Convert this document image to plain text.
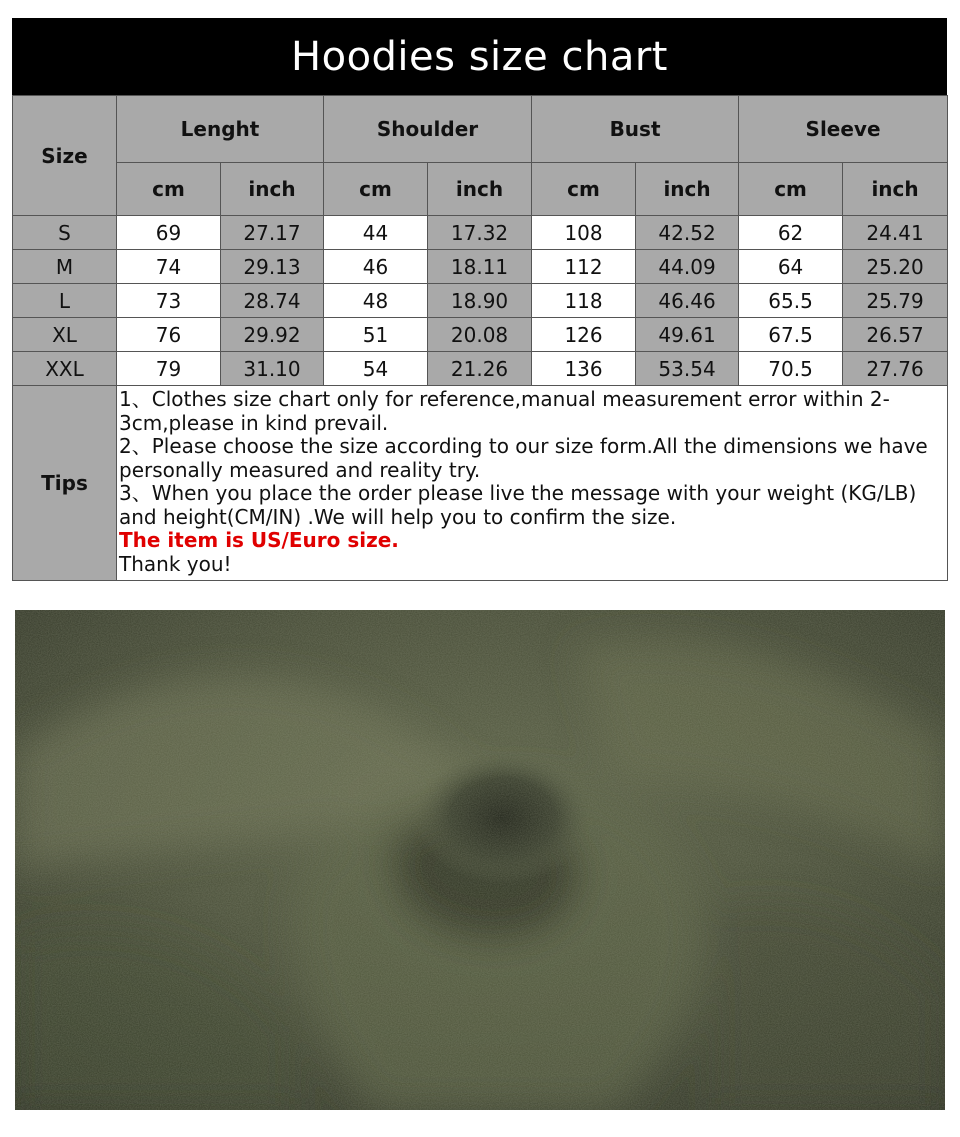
Hoodies size chart
Size	Lenght		Shoulder		Bust		Sleeve	
	cm	inch	cm	inch	cm	inch	cm	inch
S	69	27.17	44	17.32	108	42.52	62	24.41
M	74	29.13	46	18.11	112	44.09	64	25.20
L	73	28.74	48	18.90	118	46.46	65.5	25.79
XL	76	29.92	51	20.08	126	49.61	67.5	26.57
XXL	79	31.10	54	21.26	136	53.54	70.5	27.76
Tips	1、Clothes size chart only for reference,manual measurement error within 2-3cm,please in kind prevail.
2、Please choose the size according to our size form.All the dimensions we have personally measured and reality try.
3、When you place the order please live the message with your weight (KG/LB) and height(CM/IN) .We will help you to confirm the size.
The item is US/Euro size.
Thank you!							
